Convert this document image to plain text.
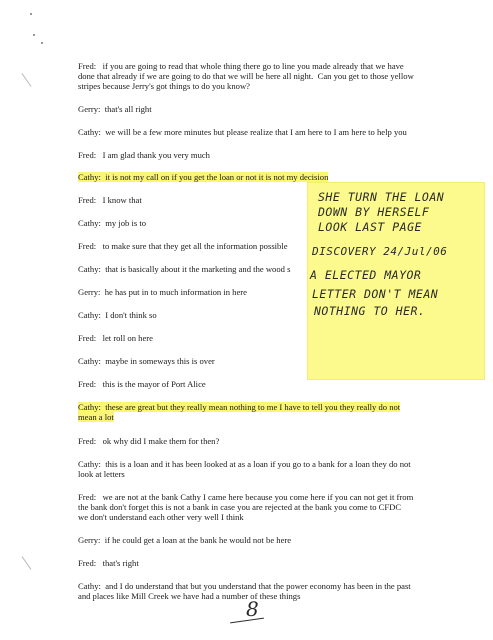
Fred:   if you are going to read that whole thing there go to line you made already that we have
done that already if we are going to do that we will be here all night.  Can you get to those yellow
stripes because Jerry's got things to do you know?
Gerry:  that's all right
Cathy:  we will be a few more minutes but please realize that I am here to I am here to help you
Fred:   I am glad thank you very much
Cathy:  it is not my call on if you get the loan or not it is not my decision
Fred:   I know that
Cathy:  my job is to
Fred:   to make sure that they get all the information possible
Cathy:  that is basically about it the marketing and the wood s
Gerry:  he has put in to much information in here
Cathy:  I don't think so
Fred:   let roll on here
Cathy:  maybe in someways this is over
Fred:   this is the mayor of Port Alice
Cathy:  these are great but they really mean nothing to me I have to tell you they really do not
mean a lot
Fred:   ok why did I make them for then?
Cathy:  this is a loan and it has been looked at as a loan if you go to a bank for a loan they do not
look at letters
Fred:   we are not at the bank Cathy I came here because you come here if you can not get it from
the bank don't forget this is not a bank in case you are rejected at the bank you come to CFDC
we don't understand each other very well I think
Gerry:  if he could get a loan at the bank he would not be here
Fred:   that's right
Cathy:  and I do understand that but you understand that the power economy has been in the past
and places like Mill Creek we have had a number of these things
SHE TURN THE LOAN
DOWN BY HERSELF
LOOK LAST PAGE
DISCOVERY 24/Jul/06
A ELECTED MAYOR
LETTER DON'T MEAN
NOTHING TO HER.
8
